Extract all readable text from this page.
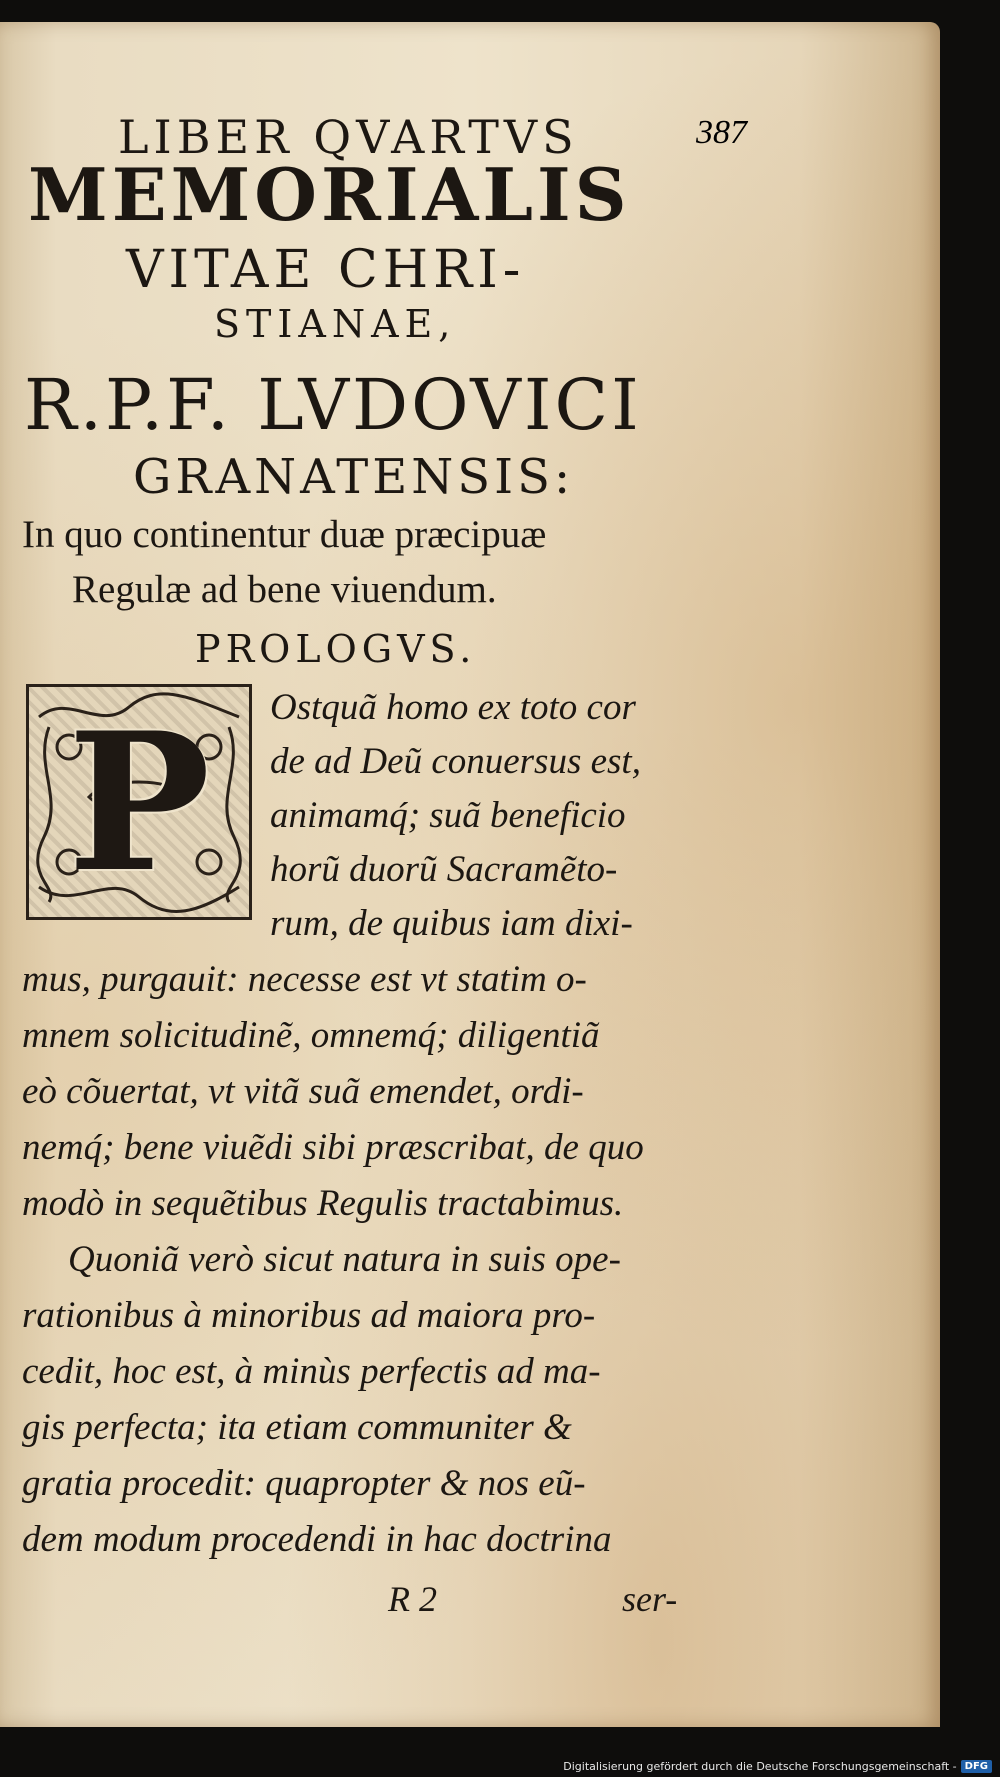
LIBER QVARTVS	387

MEMORIALIS

VITAE CHRI-

STIANAE,

R.P.F. LVDOVICI

GRANATENSIS:

In quo continentur duæ præcipuæ

Regulæ ad bene viuendum.

PROLOGVS.

P	Ostquã homo ex toto cor

de ad Deũ conuersus est,

animamq́; suã beneficio

horũ duorũ Sacramẽto-

rum, de quibus iam dixi-

mus, purgauit: necesse est vt statim o-

mnem solicitudinẽ, omnemq́; diligentiã

eò cõuertat, vt vitã suã emendet, ordi-

nemq́; bene viuẽdi sibi præscribat, de quo

modò in sequẽtibus Regulis tractabimus.

Quoniã verò sicut natura in suis ope-

rationibus à minoribus ad maiora pro-

cedit, hoc est, à minùs perfectis ad ma-

gis perfecta; ita etiam communiter &

gratia procedit: quapropter & nos eũ-

dem modum procedendi in hac doctrina

R 2	ser-

Digitalisierung gefördert durch die Deutsche Forschungsgemeinschaft - DFG
